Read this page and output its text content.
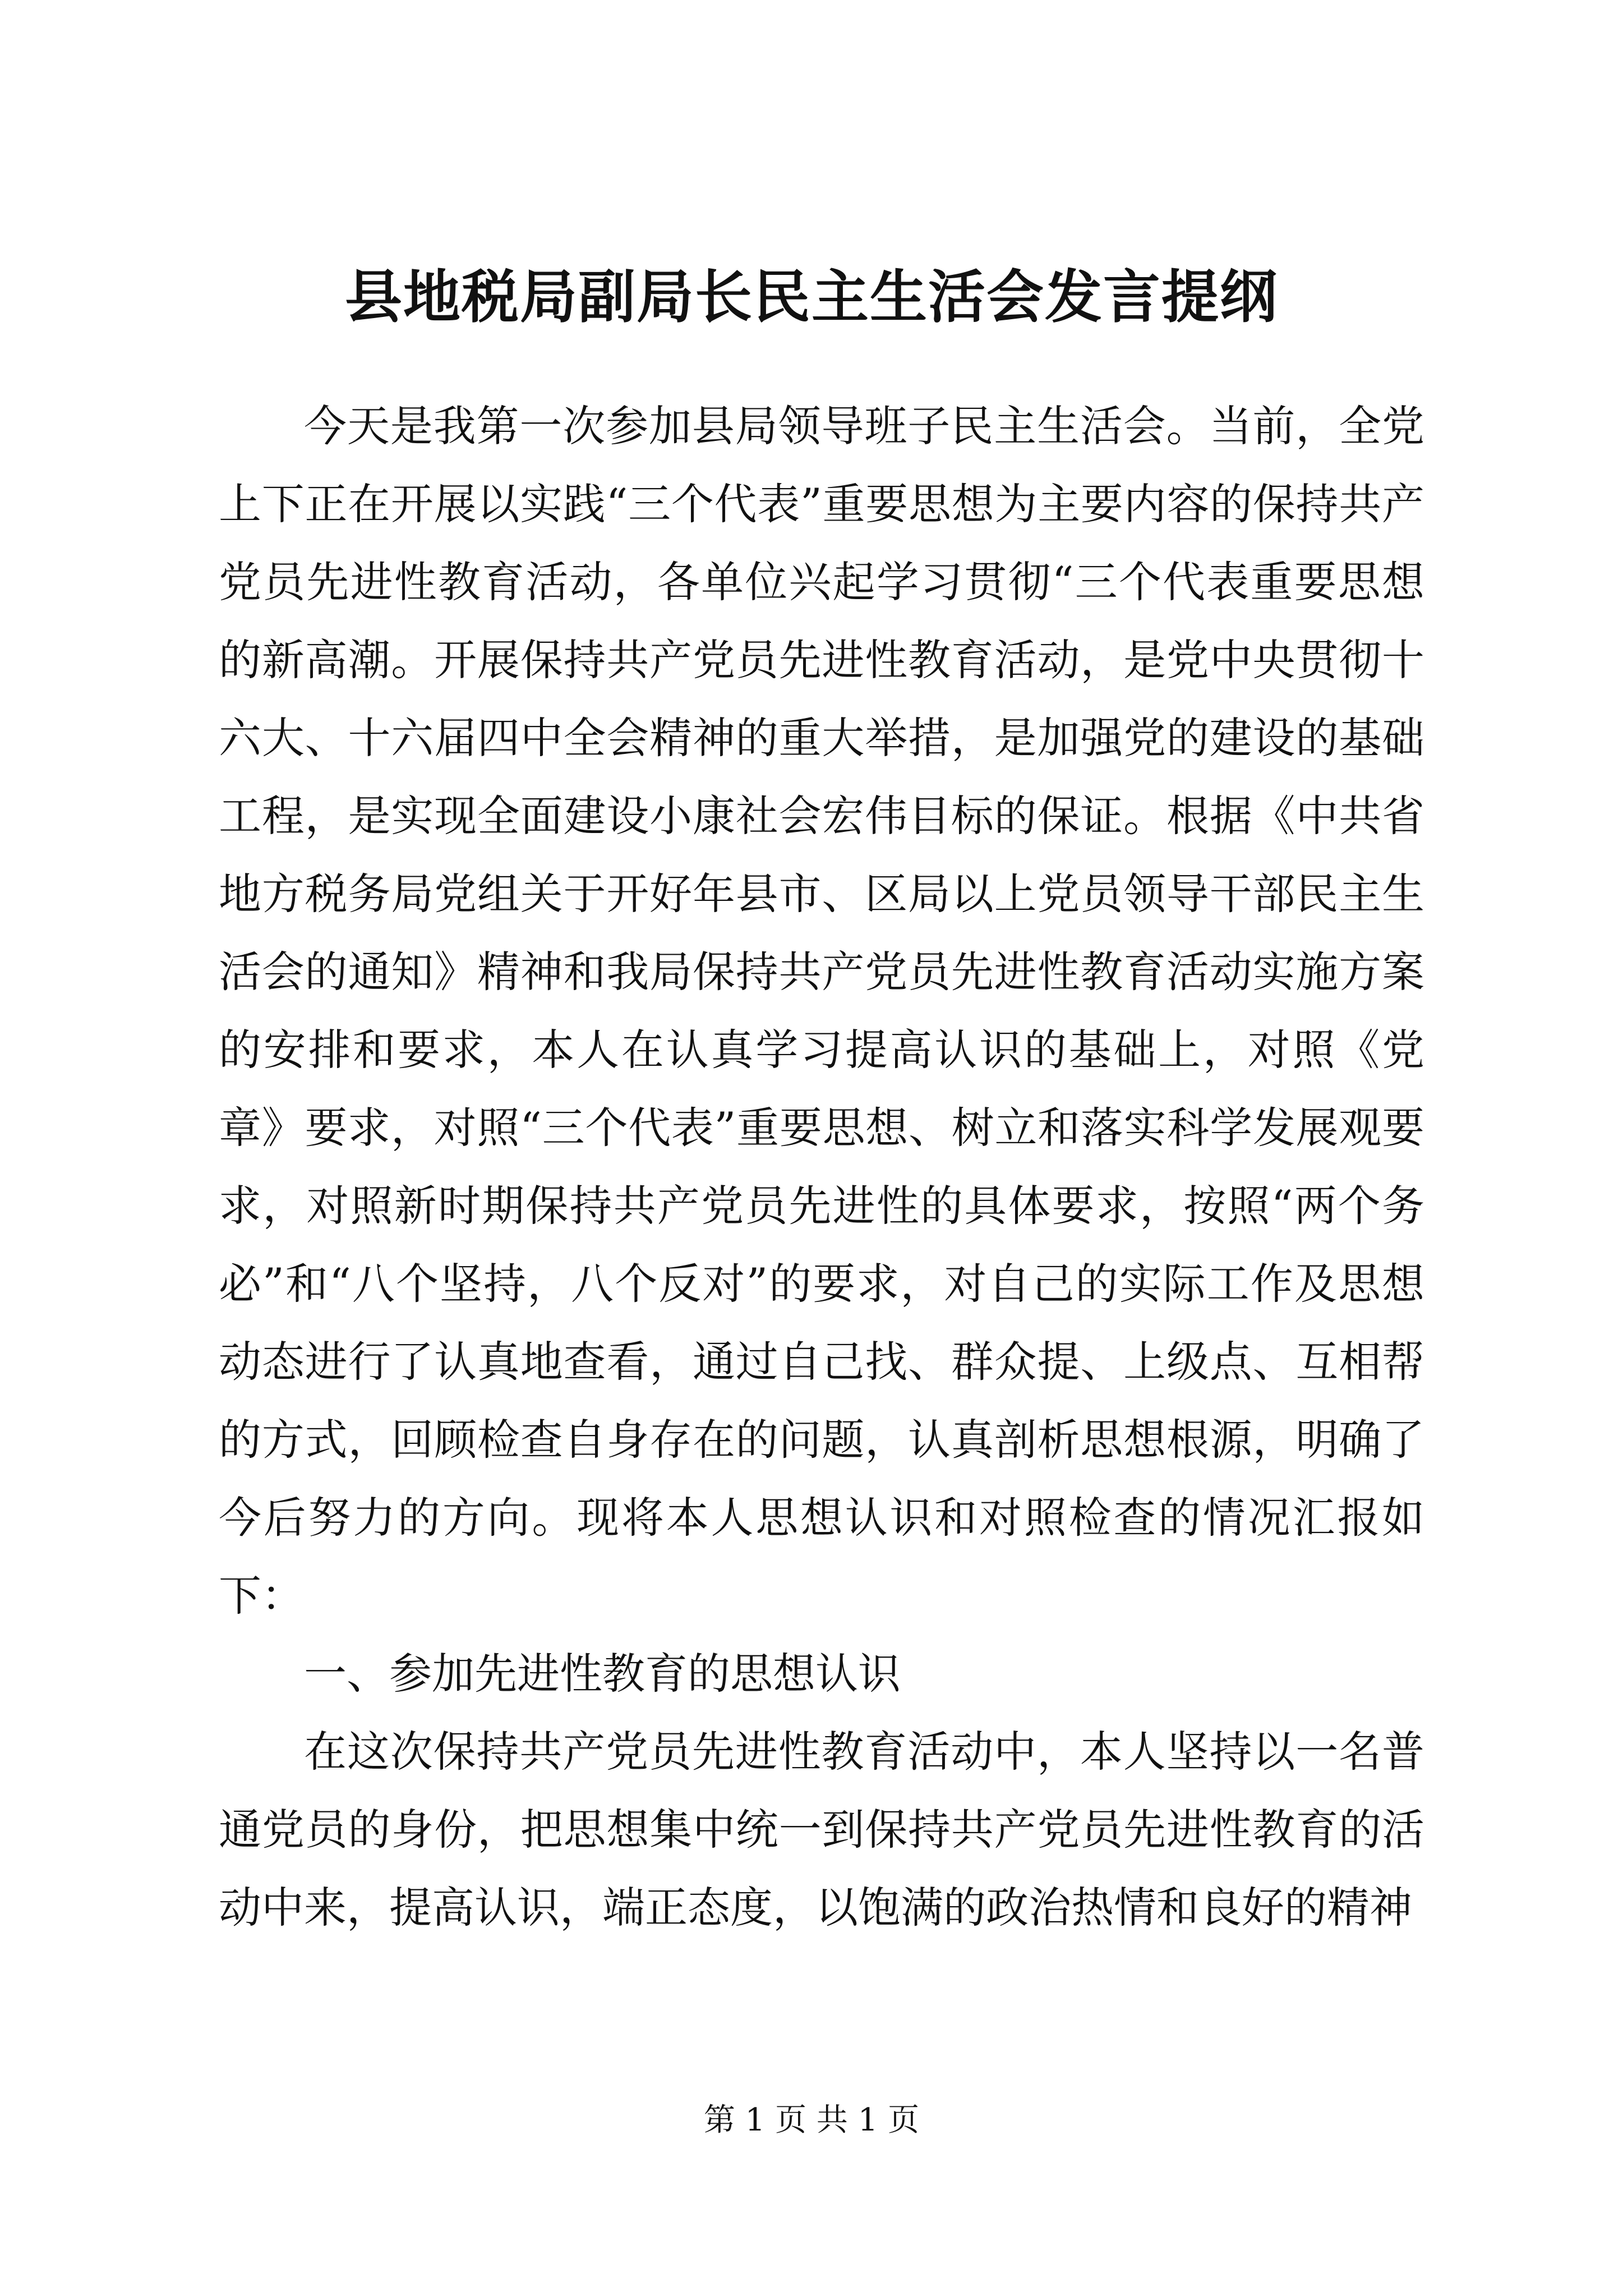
县地税局副局长民主生活会发言提纲

今天是我第一次参加县局领导班子民主生活会。当前，全党上下正在开展以实践“三个代表”重要思想为主要内容的保持共产党员先进性教育活动，各单位兴起学习贯彻“三个代表重要思想的新高潮。开展保持共产党员先进性教育活动，是党中央贯彻十六大、十六届四中全会精神的重大举措，是加强党的建设的基础工程，是实现全面建设小康社会宏伟目标的保证。根据《中共省地方税务局党组关于开好年县市、区局以上党员领导干部民主生活会的通知》精神和我局保持共产党员先进性教育活动实施方案的安排和要求，本人在认真学习提高认识的基础上，对照《党章》要求，对照“三个代表”重要思想、树立和落实科学发展观要求，对照新时期保持共产党员先进性的具体要求，按照“两个务必”和“八个坚持，八个反对”的要求，对自己的实际工作及思想动态进行了认真地查看，通过自己找、群众提、上级点、互相帮的方式，回顾检查自身存在的问题，认真剖析思想根源，明确了今后努力的方向。现将本人思想认识和对照检查的情况汇报如下：

一、参加先进性教育的思想认识

在这次保持共产党员先进性教育活动中，本人坚持以一名普通党员的身份，把思想集中统一到保持共产党员先进性教育的活动中来，提高认识，端正态度，以饱满的政治热情和良好的精神

第 1 页 共 1 页
